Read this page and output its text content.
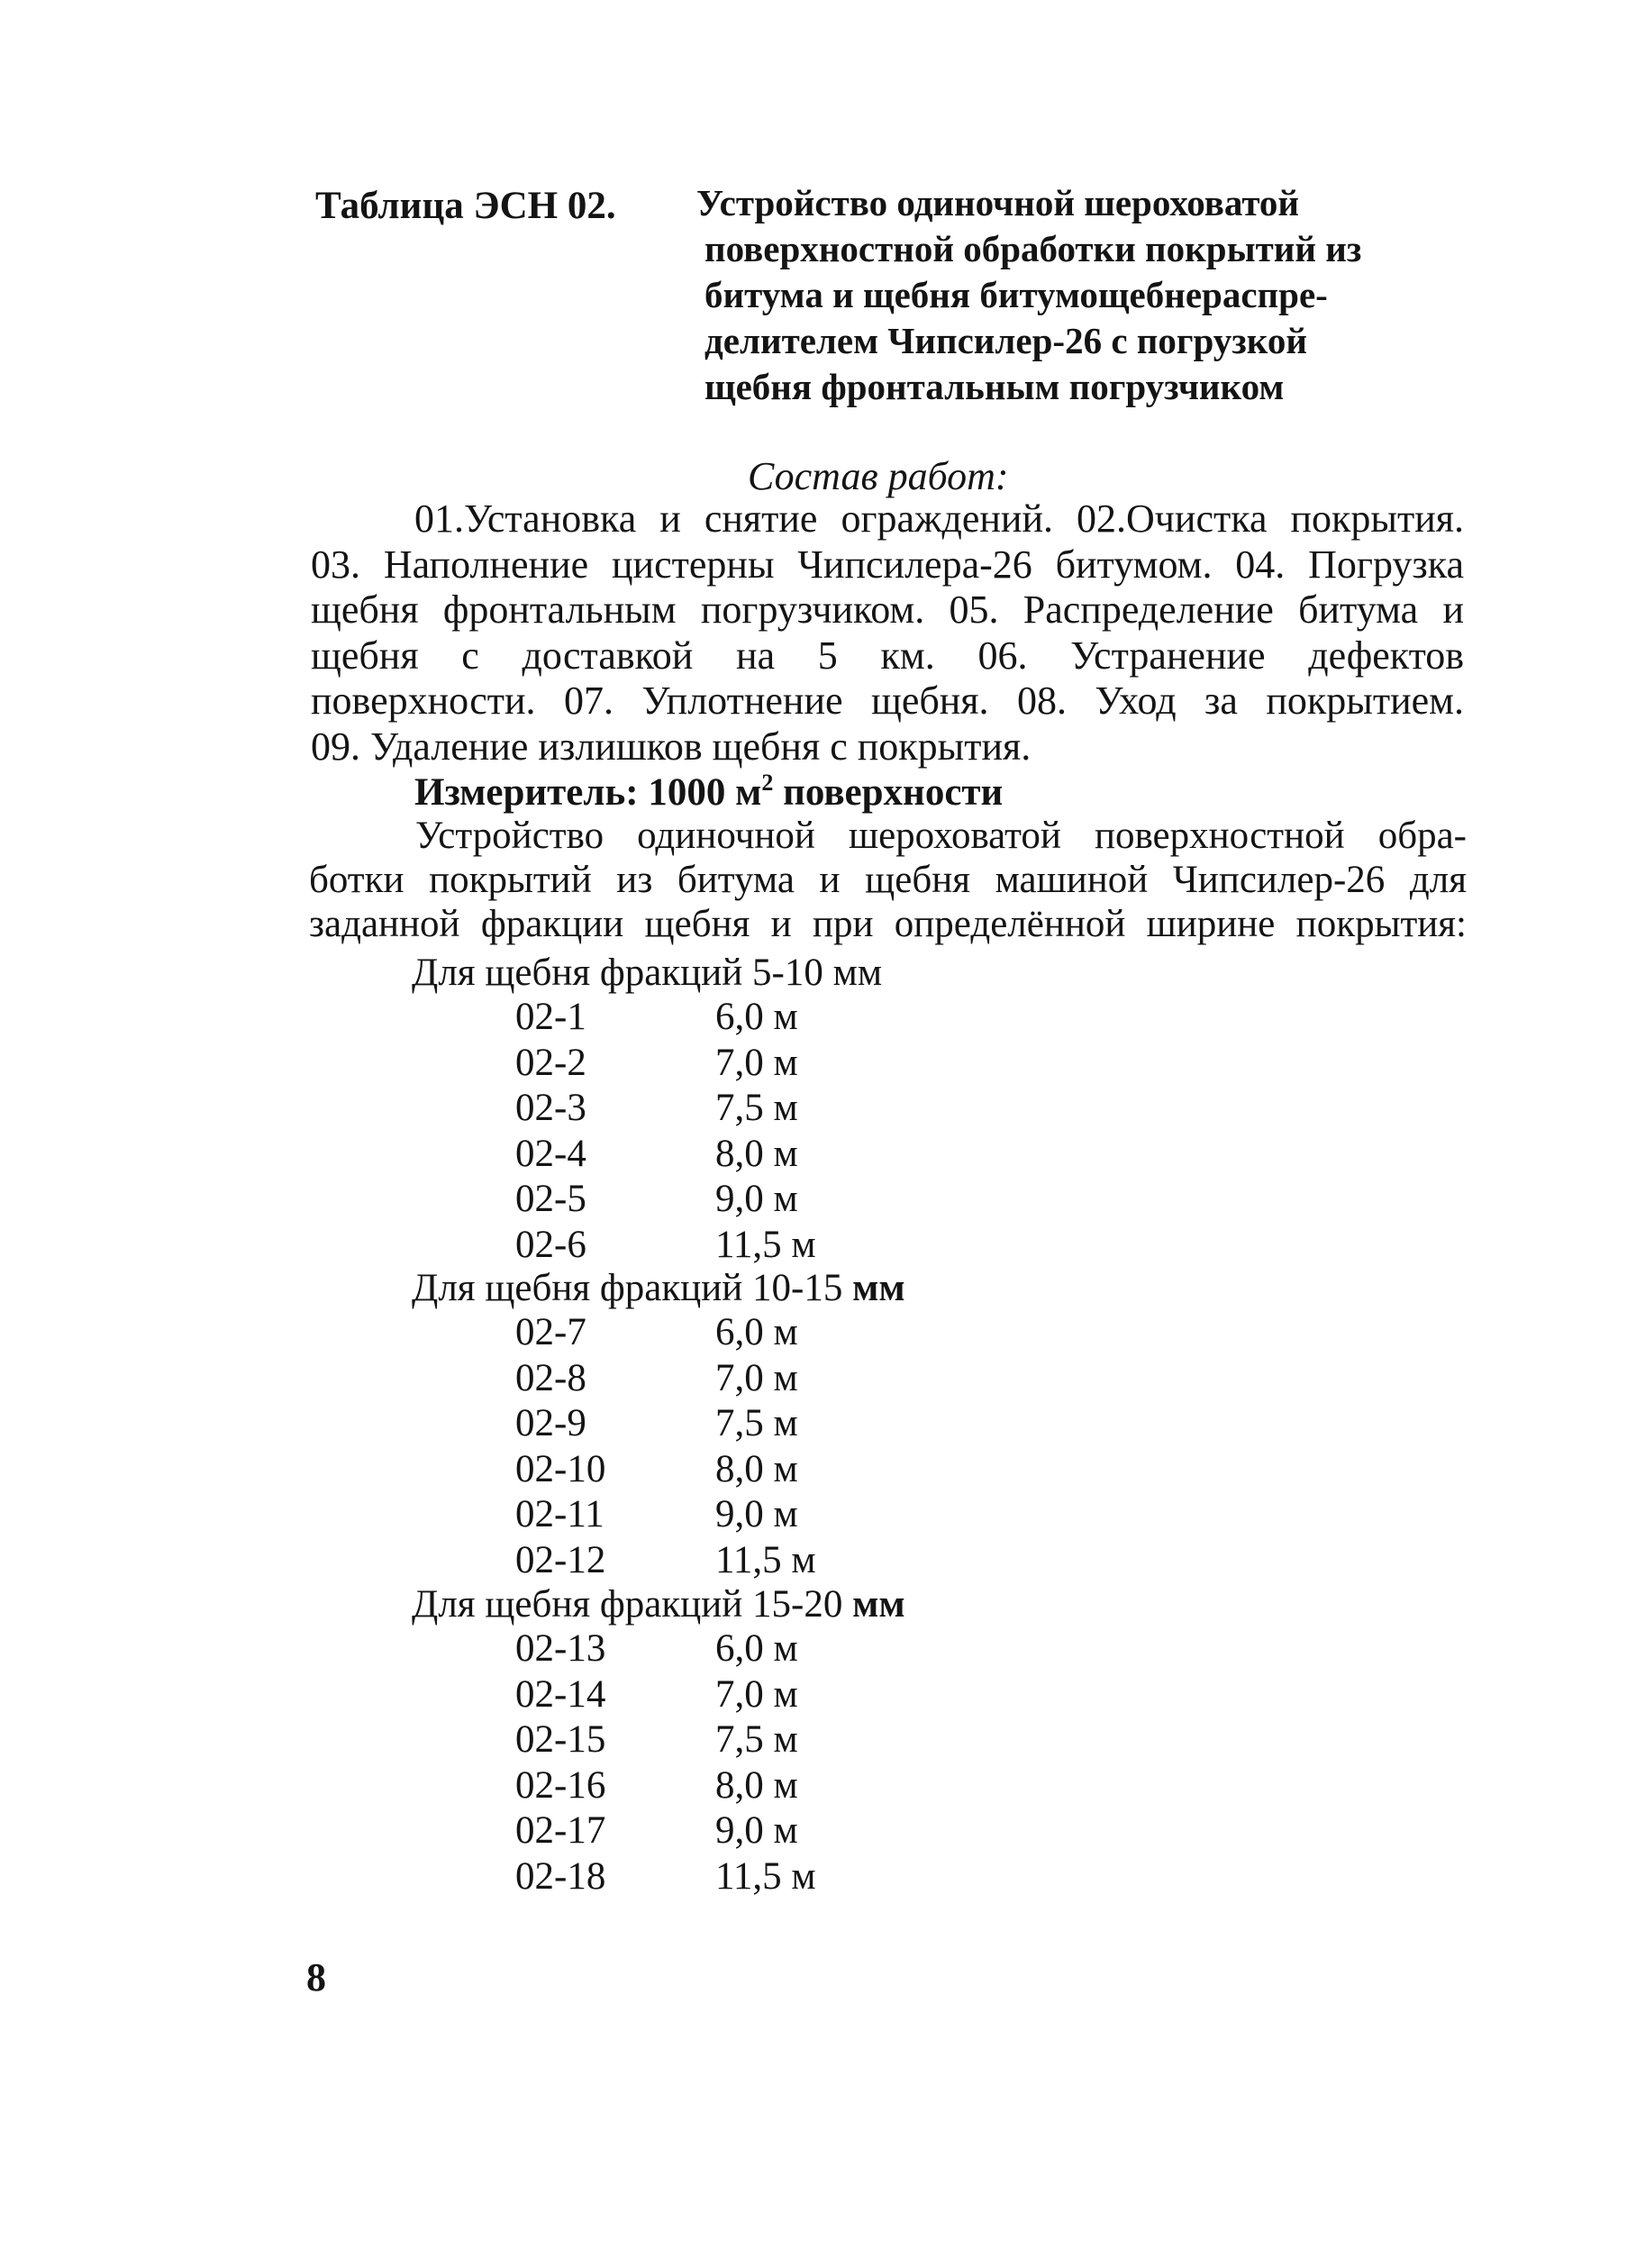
Таблица ЭСН 02. Устройство одиночной шероховатой
поверхностной обработки покрытий из
битума и щебня битумощебнераспре-
делителем Чипсилер-26 с погрузкой
щебня фронтальным погрузчиком
Состав работ:
01.Установка и снятие ограждений. 02.Очистка покрытия.
03. Наполнение цистерны Чипсилера-26 битумом. 04. Погрузка
щебня фронтальным погрузчиком. 05. Распределение битума и
щебня с доставкой на 5 км. 06. Устранение дефектов
поверхности. 07. Уплотнение щебня. 08. Уход за покрытием.
09. Удаление излишков щебня с покрытия.
Измеритель: 1000 $м^2$ поверхности
Устройство одиночной шероховатой поверхностной обра-
ботки покрытий из битума и щебня машиной Чипсилер-26 для
заданной фракции щебня и при определённой ширине покрытия:
Для щебня фракций 5-10 мм
02-1	6,0 м
02-2	7,0 м
02-3	7,5 м
02-4	8,0 м
02-5	9,0 м
02-6	11,5 м
Для щебня фракций 10-15 мм
02-7	6,0 м
02-8	7,0 м
02-9	7,5 м
02-10	8,0 м
02-11	9,0 м
02-12	11,5 м
Для щебня фракций 15-20 мм
02-13	6,0 м
02-14	7,0 м
02-15	7,5 м
02-16	8,0 м
02-17	9,0 м
02-18	11,5 м
8
